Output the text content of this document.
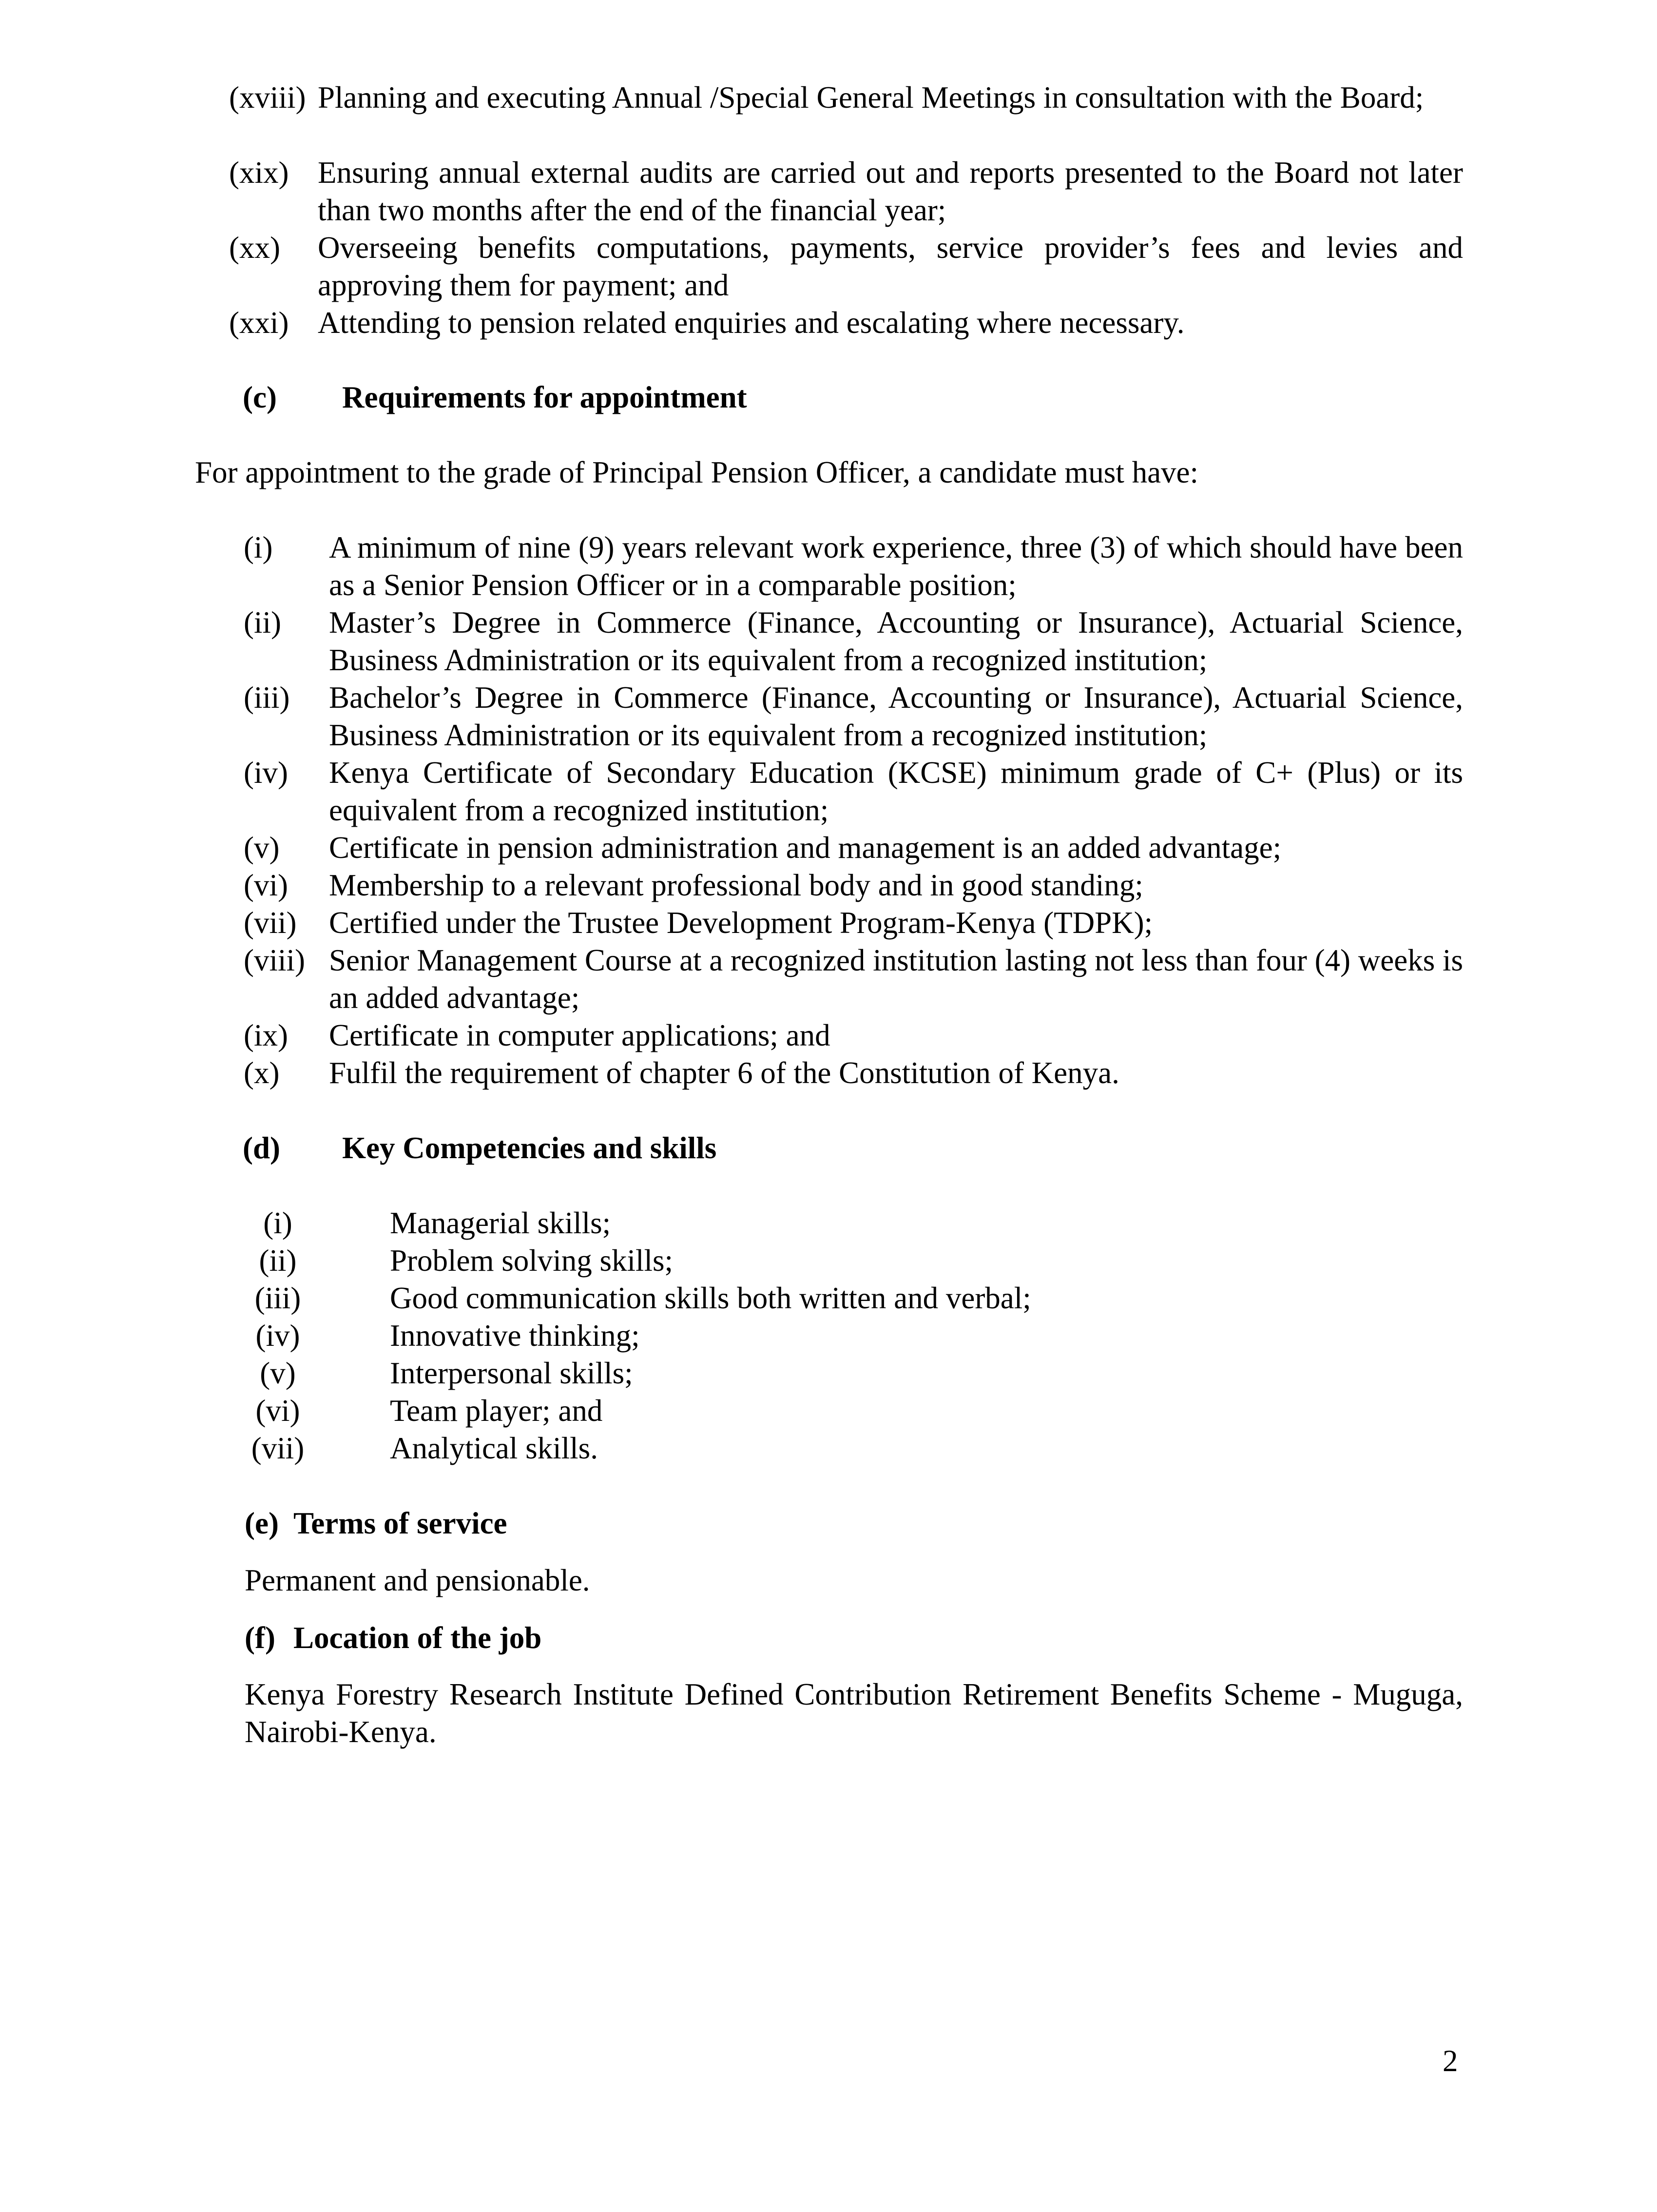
(xviii) Planning and executing Annual /Special General Meetings in consultation with the Board;
(xix) Ensuring annual external audits are carried out and reports presented to the Board not later than two months after the end of the financial year;
(xx) Overseeing benefits computations, payments, service provider’s fees and levies and approving them for payment; and
(xxi) Attending to pension related enquiries and escalating where necessary.
(c) Requirements for appointment
For appointment to the grade of Principal Pension Officer, a candidate must have:
(i) A minimum of nine (9) years relevant work experience, three (3) of which should have been as a Senior Pension Officer or in a comparable position;
(ii) Master’s Degree in Commerce (Finance, Accounting or Insurance), Actuarial Science, Business Administration or its equivalent from a recognized institution;
(iii) Bachelor’s Degree in Commerce (Finance, Accounting or Insurance), Actuarial Science, Business Administration or its equivalent from a recognized institution;
(iv) Kenya Certificate of Secondary Education (KCSE) minimum grade of C+ (Plus) or its equivalent from a recognized institution;
(v) Certificate in pension administration and management is an added advantage;
(vi) Membership to a relevant professional body and in good standing;
(vii) Certified under the Trustee Development Program-Kenya (TDPK);
(viii) Senior Management Course at a recognized institution lasting not less than four (4) weeks is an added advantage;
(ix) Certificate in computer applications; and
(x) Fulfil the requirement of chapter 6 of the Constitution of Kenya.
(d) Key Competencies and skills
(i)	Managerial skills;
(ii)	Problem solving skills;
(iii)	Good communication skills both written and verbal;
(iv)	Innovative thinking;
(v)	Interpersonal skills;
(vi)	Team player; and
(vii)	Analytical skills.
(e) Terms of service
Permanent and pensionable.
(f) Location of the job
Kenya Forestry Research Institute Defined Contribution Retirement Benefits Scheme - Muguga, Nairobi-Kenya.
2
